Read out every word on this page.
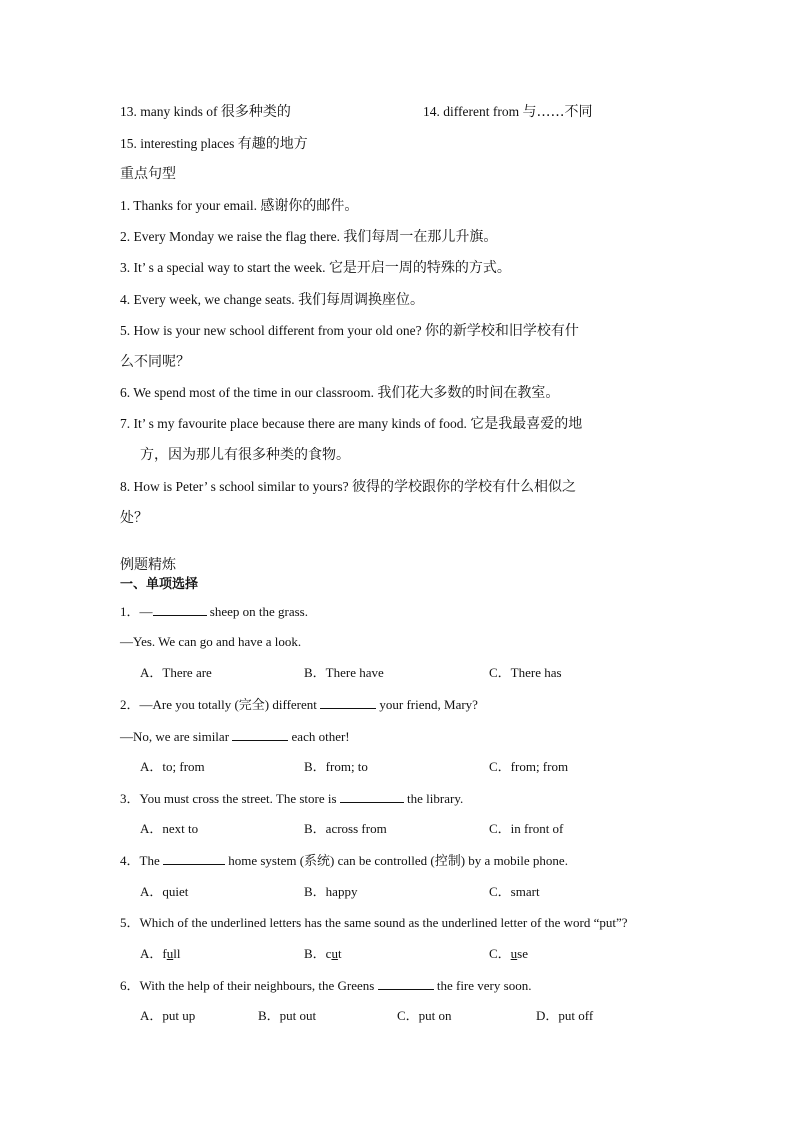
13. many kinds of 很多种类的	14. different from 与……不同
15. interesting places 有趣的地方
重点句型
1. Thanks for your email. 感谢你的邮件。
2. Every Monday we raise the flag there. 我们每周一在那儿升旗。
3. It’ s a special way to start the week. 它是开启一周的特殊的方式。
4. Every week, we change seats. 我们每周调换座位。
5. How is your new school different from your old one? 你的新学校和旧学校有什
么不同呢？
6. We spend most of the time in our classroom. 我们花大多数的时间在教室。
7. It’ s my favourite place because there are many kinds of food. 它是我最喜爱的地
方，因为那儿有很多种类的食物。
8. How is Peter’ s school similar to yours? 彼得的学校跟你的学校有什么相似之
处？
例题精炼
一、单项选择
1．—	sheep on the grass.
—Yes. We can go and have a look.
A．There are	B．There have	C．There has
2．—Are you totally (完全) different	your friend, Mary?
—No, we are similar	each other!
A．to; from	B．from; to	C．from; from
3．You must cross the street. The store is	the library.
A．next to	B．across from	C．in front of
4．The	home system (系统) can be controlled (控制) by a mobile phone.
A．quiet	B．happy	C．smart
5．Which of the underlined letters has the same sound as the underlined letter of the word “put”?
A．full	B．cut	C．use
6．With the help of their neighbours, the Greens	the fire very soon.
A．put up	B．put out	C．put on	D．put off
